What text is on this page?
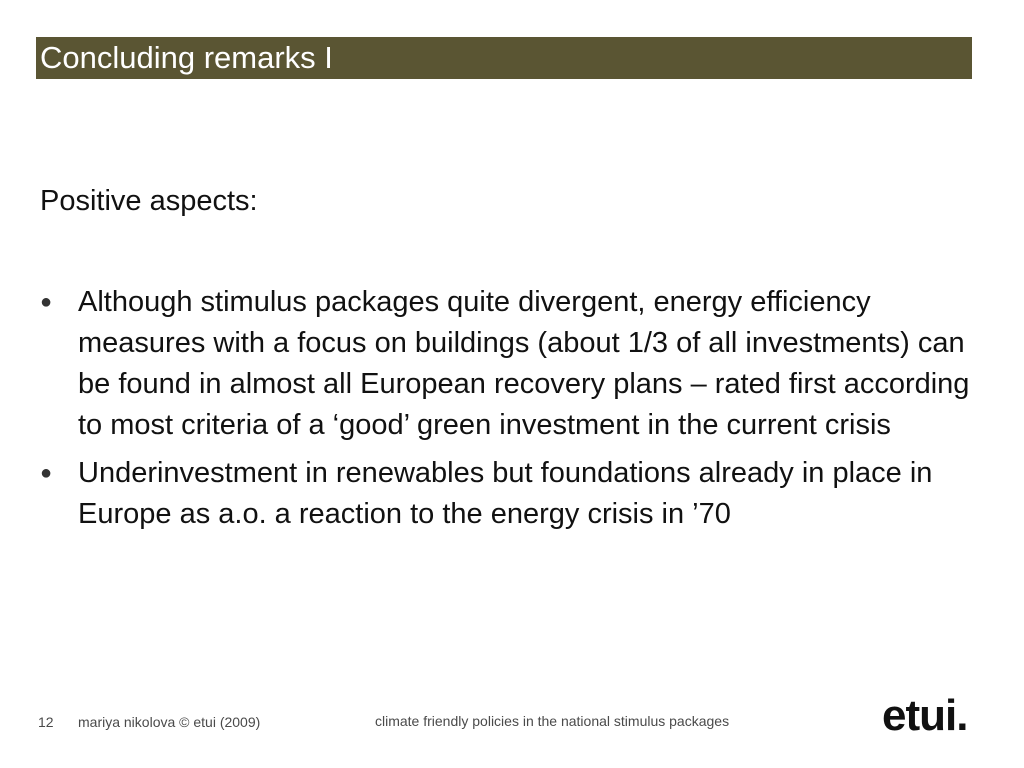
Concluding remarks I
Positive aspects:
● Although stimulus packages quite divergent, energy efficiency measures with a focus on buildings (about 1/3 of all investments) can be found in almost all European recovery plans – rated first according to most criteria of a ‘good’ green investment in the current crisis
● Underinvestment in renewables but foundations already in place in Europe as a.o. a reaction to the energy crisis in ’70
12 mariya nikolova © etui (2009)	climate friendly policies in the national stimulus packages	etui.
